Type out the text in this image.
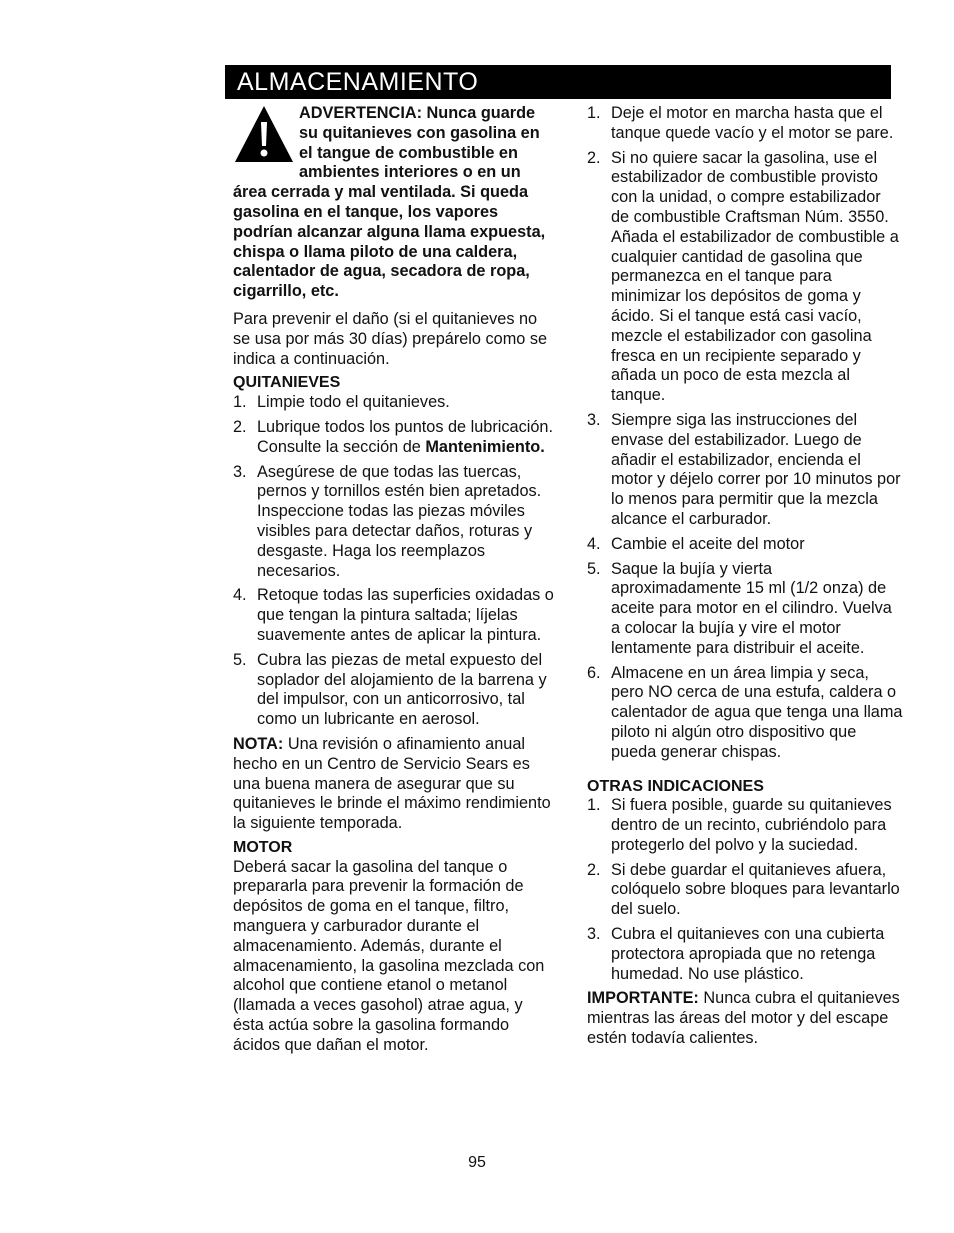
ALMACENAMIENTO
ADVERTENCIA: Nunca guarde su quitanieves con gasolina en el tangue de combustible en ambientes interiores o en un área cerrada y mal ventilada. Si queda gasolina en el tanque, los vapores podrían alcanzar alguna llama expuesta, chispa o llama piloto de una caldera, calentador de agua, secadora de ropa, cigarrillo, etc.

Para prevenir el daño (si el quitanieves no se usa por más 30 días) prepárelo como se indica a continuación.

QUITANIEVES

1. Limpie todo el quitanieves.
2. Lubrique todos los puntos de lubricación. Consulte la sección de Mantenimiento.
3. Asegúrese de que todas las tuercas, pernos y tornillos estén bien apretados. Inspeccione todas las piezas móviles visibles para detectar daños, roturas y desgaste. Haga los reemplazos necesarios.
4. Retoque todas las superficies oxidadas o que tengan la pintura saltada; líjelas suavemente antes de aplicar la pintura.
5. Cubra las piezas de metal expuesto del soplador del alojamiento de la barrena y del impulsor, con un anticorrosivo, tal como un lubricante en aerosol.

NOTA: Una revisión o afinamiento anual hecho en un Centro de Servicio Sears es una buena manera de asegurar que su quitanieves le brinde el máximo rendimiento la siguiente temporada.

MOTOR

Deberá sacar la gasolina del tanque o prepararla para prevenir la formación de depósitos de goma en el tanque, filtro, manguera y carburador durante el almacenamiento. Además, durante el almacenamiento, la gasolina mezclada con alcohol que contiene etanol o metanol (llamada a veces gasohol) atrae agua, y ésta actúa sobre la gasolina formando ácidos que dañan el motor.

1. Deje el motor en marcha hasta que el tanque quede vacío y el motor se pare.
2. Si no quiere sacar la gasolina, use el estabilizador de combustible provisto con la unidad, o compre estabilizador de combustible Craftsman Núm. 3550. Añada el estabilizador de combustible a cualquier cantidad de gasolina que permanezca en el tanque para minimizar los depósitos de goma y ácido. Si el tanque está casi vacío, mezcle el estabilizador con gasolina fresca en un recipiente separado y añada un poco de esta mezcla al tanque.
3. Siempre siga las instrucciones del envase del estabilizador. Luego de añadir el estabilizador, encienda el motor y déjelo correr por 10 minutos por lo menos para permitir que la mezcla alcance el carburador.
4. Cambie el aceite del motor
5. Saque la bujía y vierta aproximadamente 15 ml (1/2 onza) de aceite para motor en el cilindro. Vuelva a colocar la bujía y vire el motor lentamente para distribuir el aceite.
6. Almacene en un área limpia y seca, pero NO cerca de una estufa, caldera o calentador de agua que tenga una llama piloto ni algún otro dispositivo que pueda generar chispas.

OTRAS INDICACIONES

1. Si fuera posible, guarde su quitanieves dentro de un recinto, cubriéndolo para protegerlo del polvo y la suciedad.
2. Si debe guardar el quitanieves afuera, colóquelo sobre bloques para levantarlo del suelo.
3. Cubra el quitanieves con una cubierta protectora apropiada que no retenga humedad. No use plástico.

IMPORTANTE: Nunca cubra el quitanieves mientras las áreas del motor y del escape estén todavía calientes.

95
